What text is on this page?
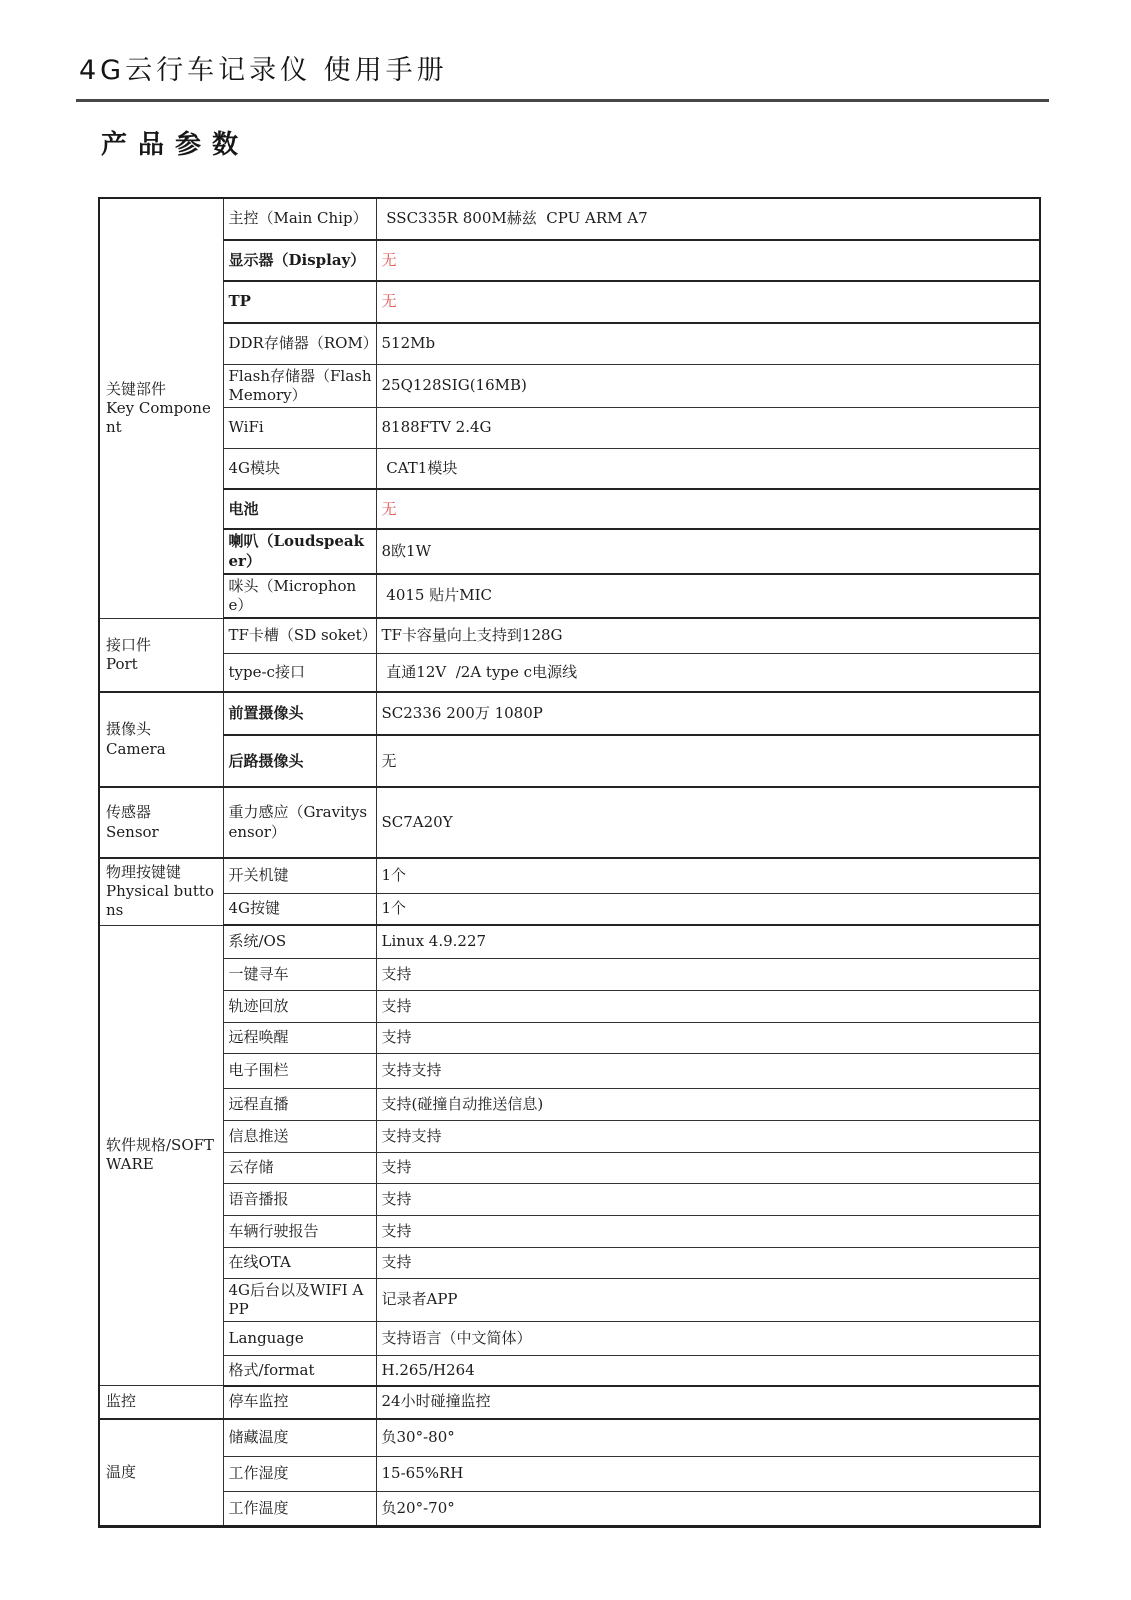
4G云行车记录仪 使用手册
产品参数
关键部件
Key Component	主控（Main Chip）	SSC335R 800M赫兹  CPU ARM A7
	显示器（Display）	无
	TP	无
	DDR存储器（ROM）	512Mb
	Flash存储器（Flash Memory）	25Q128SIG(16MB)
	WiFi	8188FTV 2.4G
	4G模块	CAT1模块
	电池	无
	喇叭（Loudspeaker）	8欧1W
	咪头（Microphone）	4015 贴片MIC

接口件
Port	TF卡槽（SD soket）	TF卡容量向上支持到128G
	type-c接口	直通12V  /2A type c电源线

摄像头
Camera	前置摄像头	SC2336 200万 1080P
	后路摄像头	无

传感器
Sensor	重力感应（Gravitysensor）	SC7A20Y

物理按键键
Physical buttons	开关机键	1个
	4G按键	1个

软件规格/SOFTWARE	系统/OS	Linux 4.9.227
	一键寻车	支持
	轨迹回放	支持
	远程唤醒	支持
	电子围栏	支持支持
	远程直播	支持(碰撞自动推送信息)
	信息推送	支持支持
	云存储	支持
	语音播报	支持
	车辆行驶报告	支持
	在线OTA	支持
	4G后台以及WIFI APP	记录者APP
	Language	支持语言（中文简体）
	格式/format	H.265/H264

监控	停车监控	24小时碰撞监控

温度	储藏温度	负30°-80°
	工作湿度	15-65%RH
	工作温度	负20°-70°
